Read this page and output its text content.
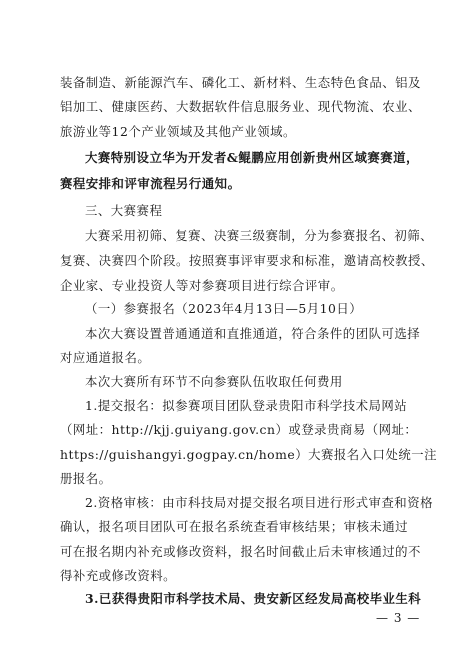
装备制造、新能源汽车、磷化工、新材料、生态特色食品、铝及
铝加工、健康医药、大数据软件信息服务业、现代物流、农业、
旅游业等12个产业领域及其他产业领域。
大赛特别设立华为开发者&鲲鹏应用创新贵州区域赛赛道，
赛程安排和评审流程另行通知。
三、大赛赛程
大赛采用初筛、复赛、决赛三级赛制，分为参赛报名、初筛、
复赛、决赛四个阶段。按照赛事评审要求和标准，邀请高校教授、
企业家、专业投资人等对参赛项目进行综合评审。
（一）参赛报名（2023年4月13日—5月10日）
本次大赛设置普通通道和直推通道，符合条件的团队可选择
对应通道报名。
本次大赛所有环节不向参赛队伍收取任何费用
1.提交报名：拟参赛项目团队登录贵阳市科学技术局网站
（网址：http://kjj.guiyang.gov.cn）或登录贵商易（网址：
https://guishangyi.gogpay.cn/home）大赛报名入口处统一注
册报名。
2.资格审核：由市科技局对提交报名项目进行形式审查和资格
确认，报名项目团队可在报名系统查看审核结果；审核未通过
可在报名期内补充或修改资料，报名时间截止后未审核通过的不
得补充或修改资料。
3.已获得贵阳市科学技术局、贵安新区经发局高校毕业生科
— 3 —
